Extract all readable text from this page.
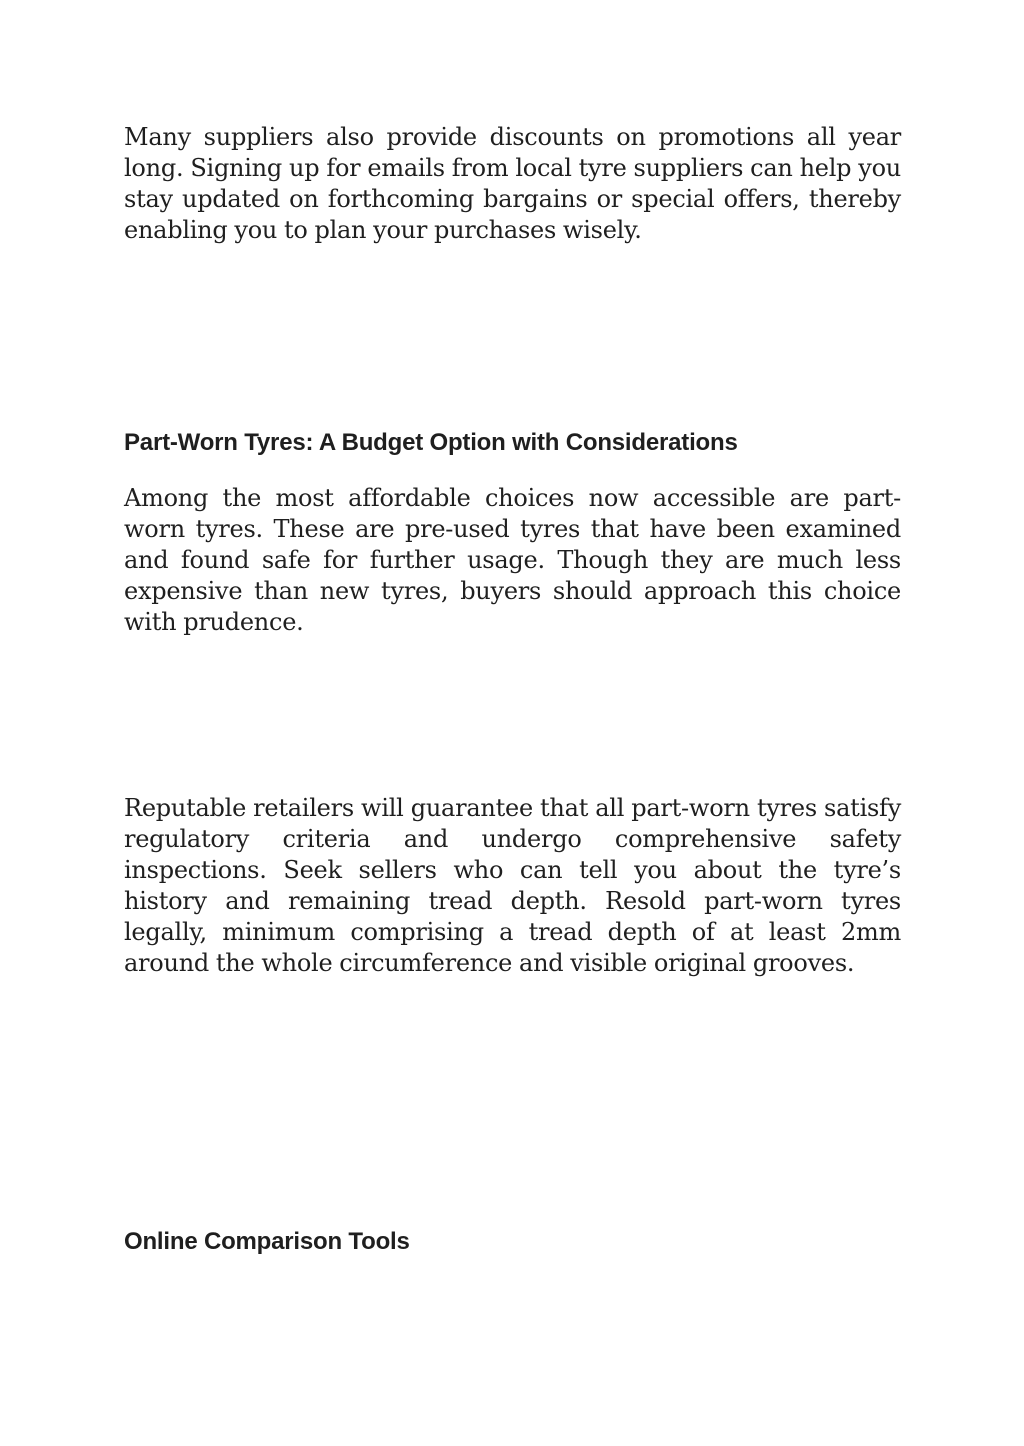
Many suppliers also provide discounts on promotions all year long. Signing up for emails from local tyre suppliers can help you stay updated on forthcoming bargains or special offers, thereby enabling you to plan your purchases wisely.

Part-Worn Tyres: A Budget Option with Considerations

Among the most affordable choices now accessible are part-worn tyres. These are pre-used tyres that have been examined and found safe for further usage. Though they are much less expensive than new tyres, buyers should approach this choice with prudence.

Reputable retailers will guarantee that all part-worn tyres satisfy regulatory criteria and undergo comprehensive safety inspections. Seek sellers who can tell you about the tyre’s history and remaining tread depth. Resold part-worn tyres legally, minimum comprising a tread depth of at least 2mm around the whole circumference and visible original grooves.

Online Comparison Tools
